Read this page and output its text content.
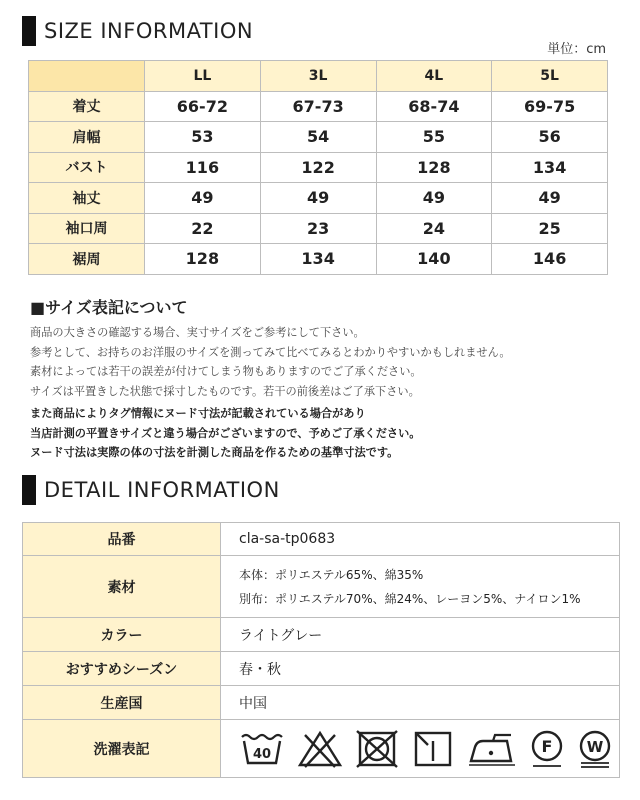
SIZE INFORMATION
単位：cm
	LL	3L	4L	5L
着丈	66-72	67-73	68-74	69-75
肩幅	53	54	55	56
バスト	116	122	128	134
袖丈	49	49	49	49
袖口周	22	23	24	25
裾周	128	134	140	146
■サイズ表記について
商品の大きさの確認する場合、実寸サイズをご参考にして下さい。
参考として、お持ちのお洋服のサイズを測ってみて比べてみるとわかりやすいかもしれません。
素材によっては若干の誤差が付けてしまう物もありますのでご了承ください。
サイズは平置きした状態で採寸したものです。若干の前後差はご了承下さい。
また商品によりタグ情報にヌード寸法が記載されている場合があり
当店計測の平置きサイズと違う場合がございますので、予めご了承ください。
ヌード寸法は実際の体の寸法を計測した商品を作るための基準寸法です。
DETAIL INFORMATION
品番	cla-sa-tp0683
素材	本体：ポリエステル65%、綿35%
別布：ポリエステル70%、綿24%、レーヨン5%、ナイロン1%

カラー	ライトグレー
おすすめシーズン	春・秋
生産国	中国
洗濯表記	40 F W
